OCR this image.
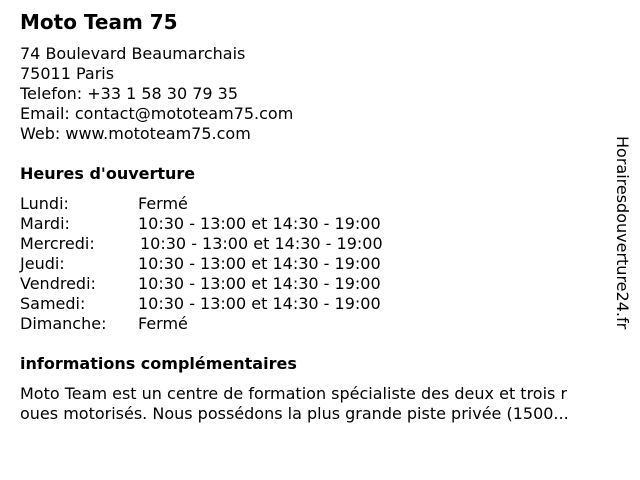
Moto Team 75
74 Boulevard Beaumarchais
75011 Paris
Telefon: +33 1 58 30 79 35
Email: contact@mototeam75.com
Web: www.mototeam75.com
Heures d'ouverture
Lundi:	Fermé
Mardi:	10:30 - 13:00 et 14:30 - 19:00
Mercredi:	10:30 - 13:00 et 14:30 - 19:00
Jeudi:	10:30 - 13:00 et 14:30 - 19:00
Vendredi:	10:30 - 13:00 et 14:30 - 19:00
Samedi:	10:30 - 13:00 et 14:30 - 19:00
Dimanche: Fermé
informations complémentaires
Moto Team est un centre de formation spécialiste des deux et trois r
oues motorisés. Nous possédons la plus grande piste privée (1500...
Horairesdouverture24.fr
